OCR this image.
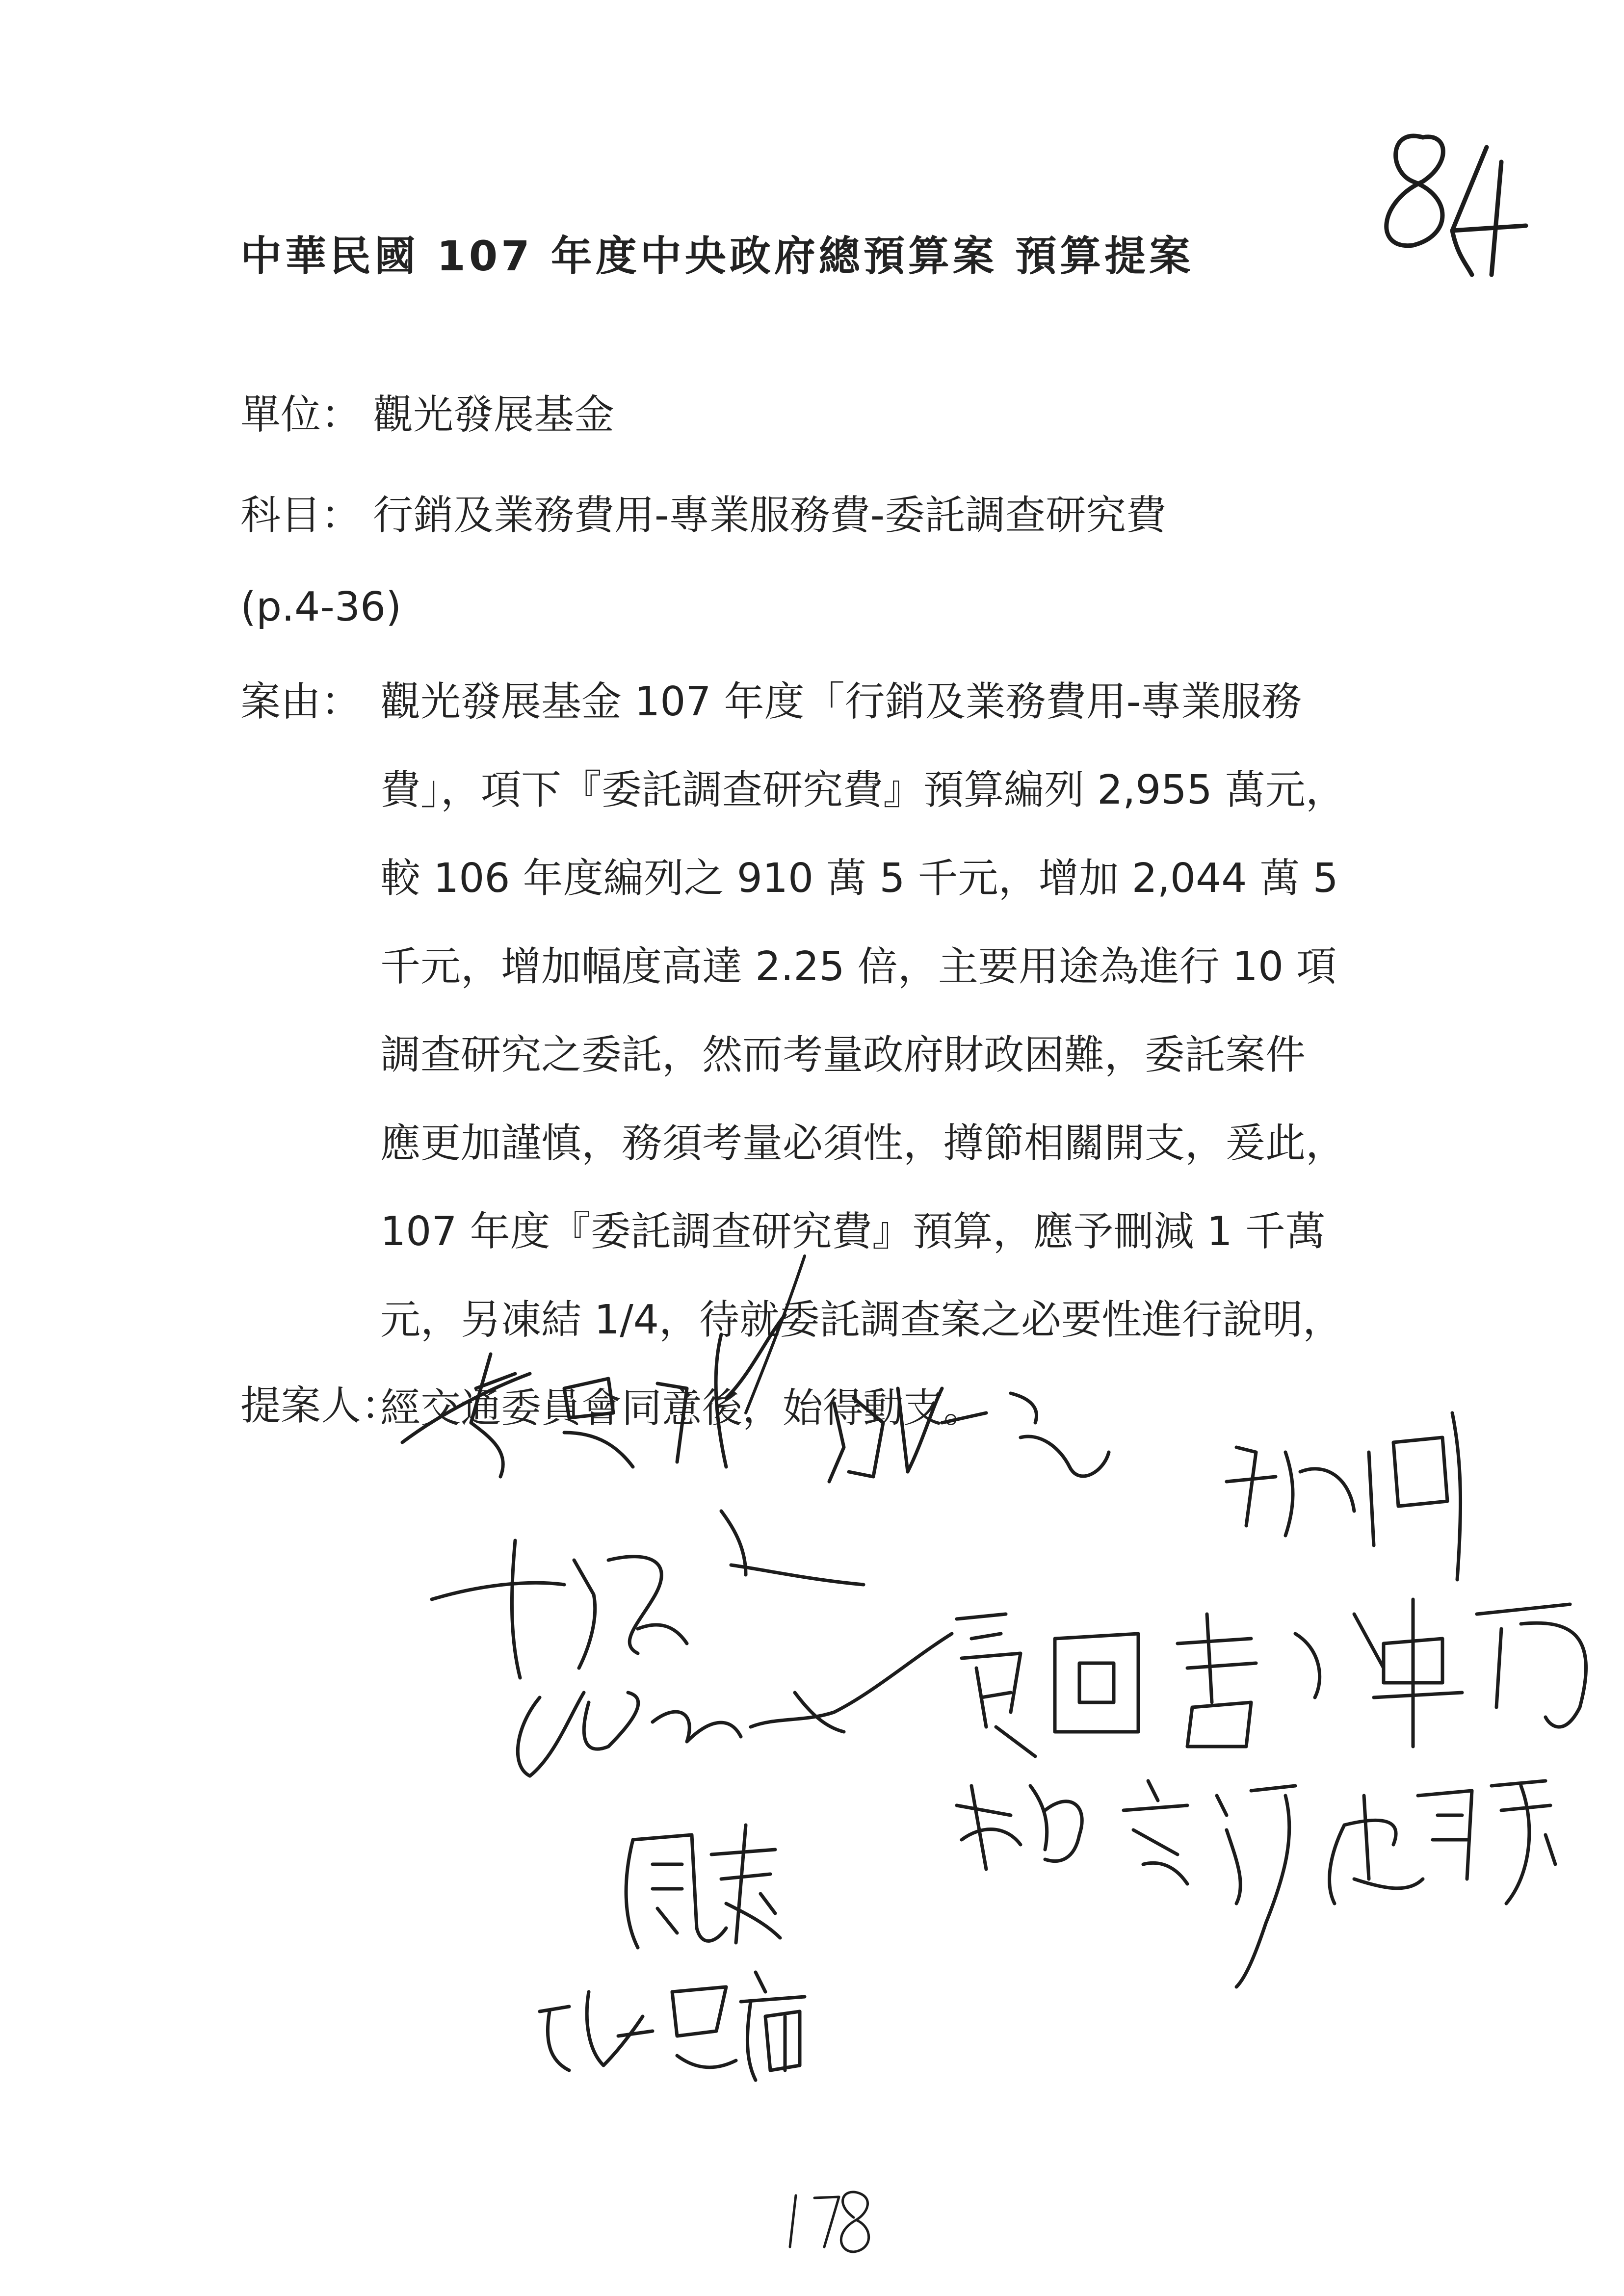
中華民國 107 年度中央政府總預算案 預算提案
單位： 觀光發展基金
科目： 行銷及業務費用-專業服務費-委託調查研究費
(p.4-36)
案由： 觀光發展基金 107 年度「行銷及業務費用-專業服務
費」，項下『委託調查研究費』預算編列 2,955 萬元，
較 106 年度編列之 910 萬 5 千元，增加 2,044 萬 5
千元，增加幅度高達 2.25 倍，主要用途為進行 10 項
調查研究之委託，然而考量政府財政困難，委託案件
應更加謹慎，務須考量必須性，撙節相關開支，爰此，
107 年度『委託調查研究費』預算，應予刪減 1 千萬
元，另凍結 1/4，待就委託調查案之必要性進行說明，
經交通委員會同意後，始得動支。
提案人：
